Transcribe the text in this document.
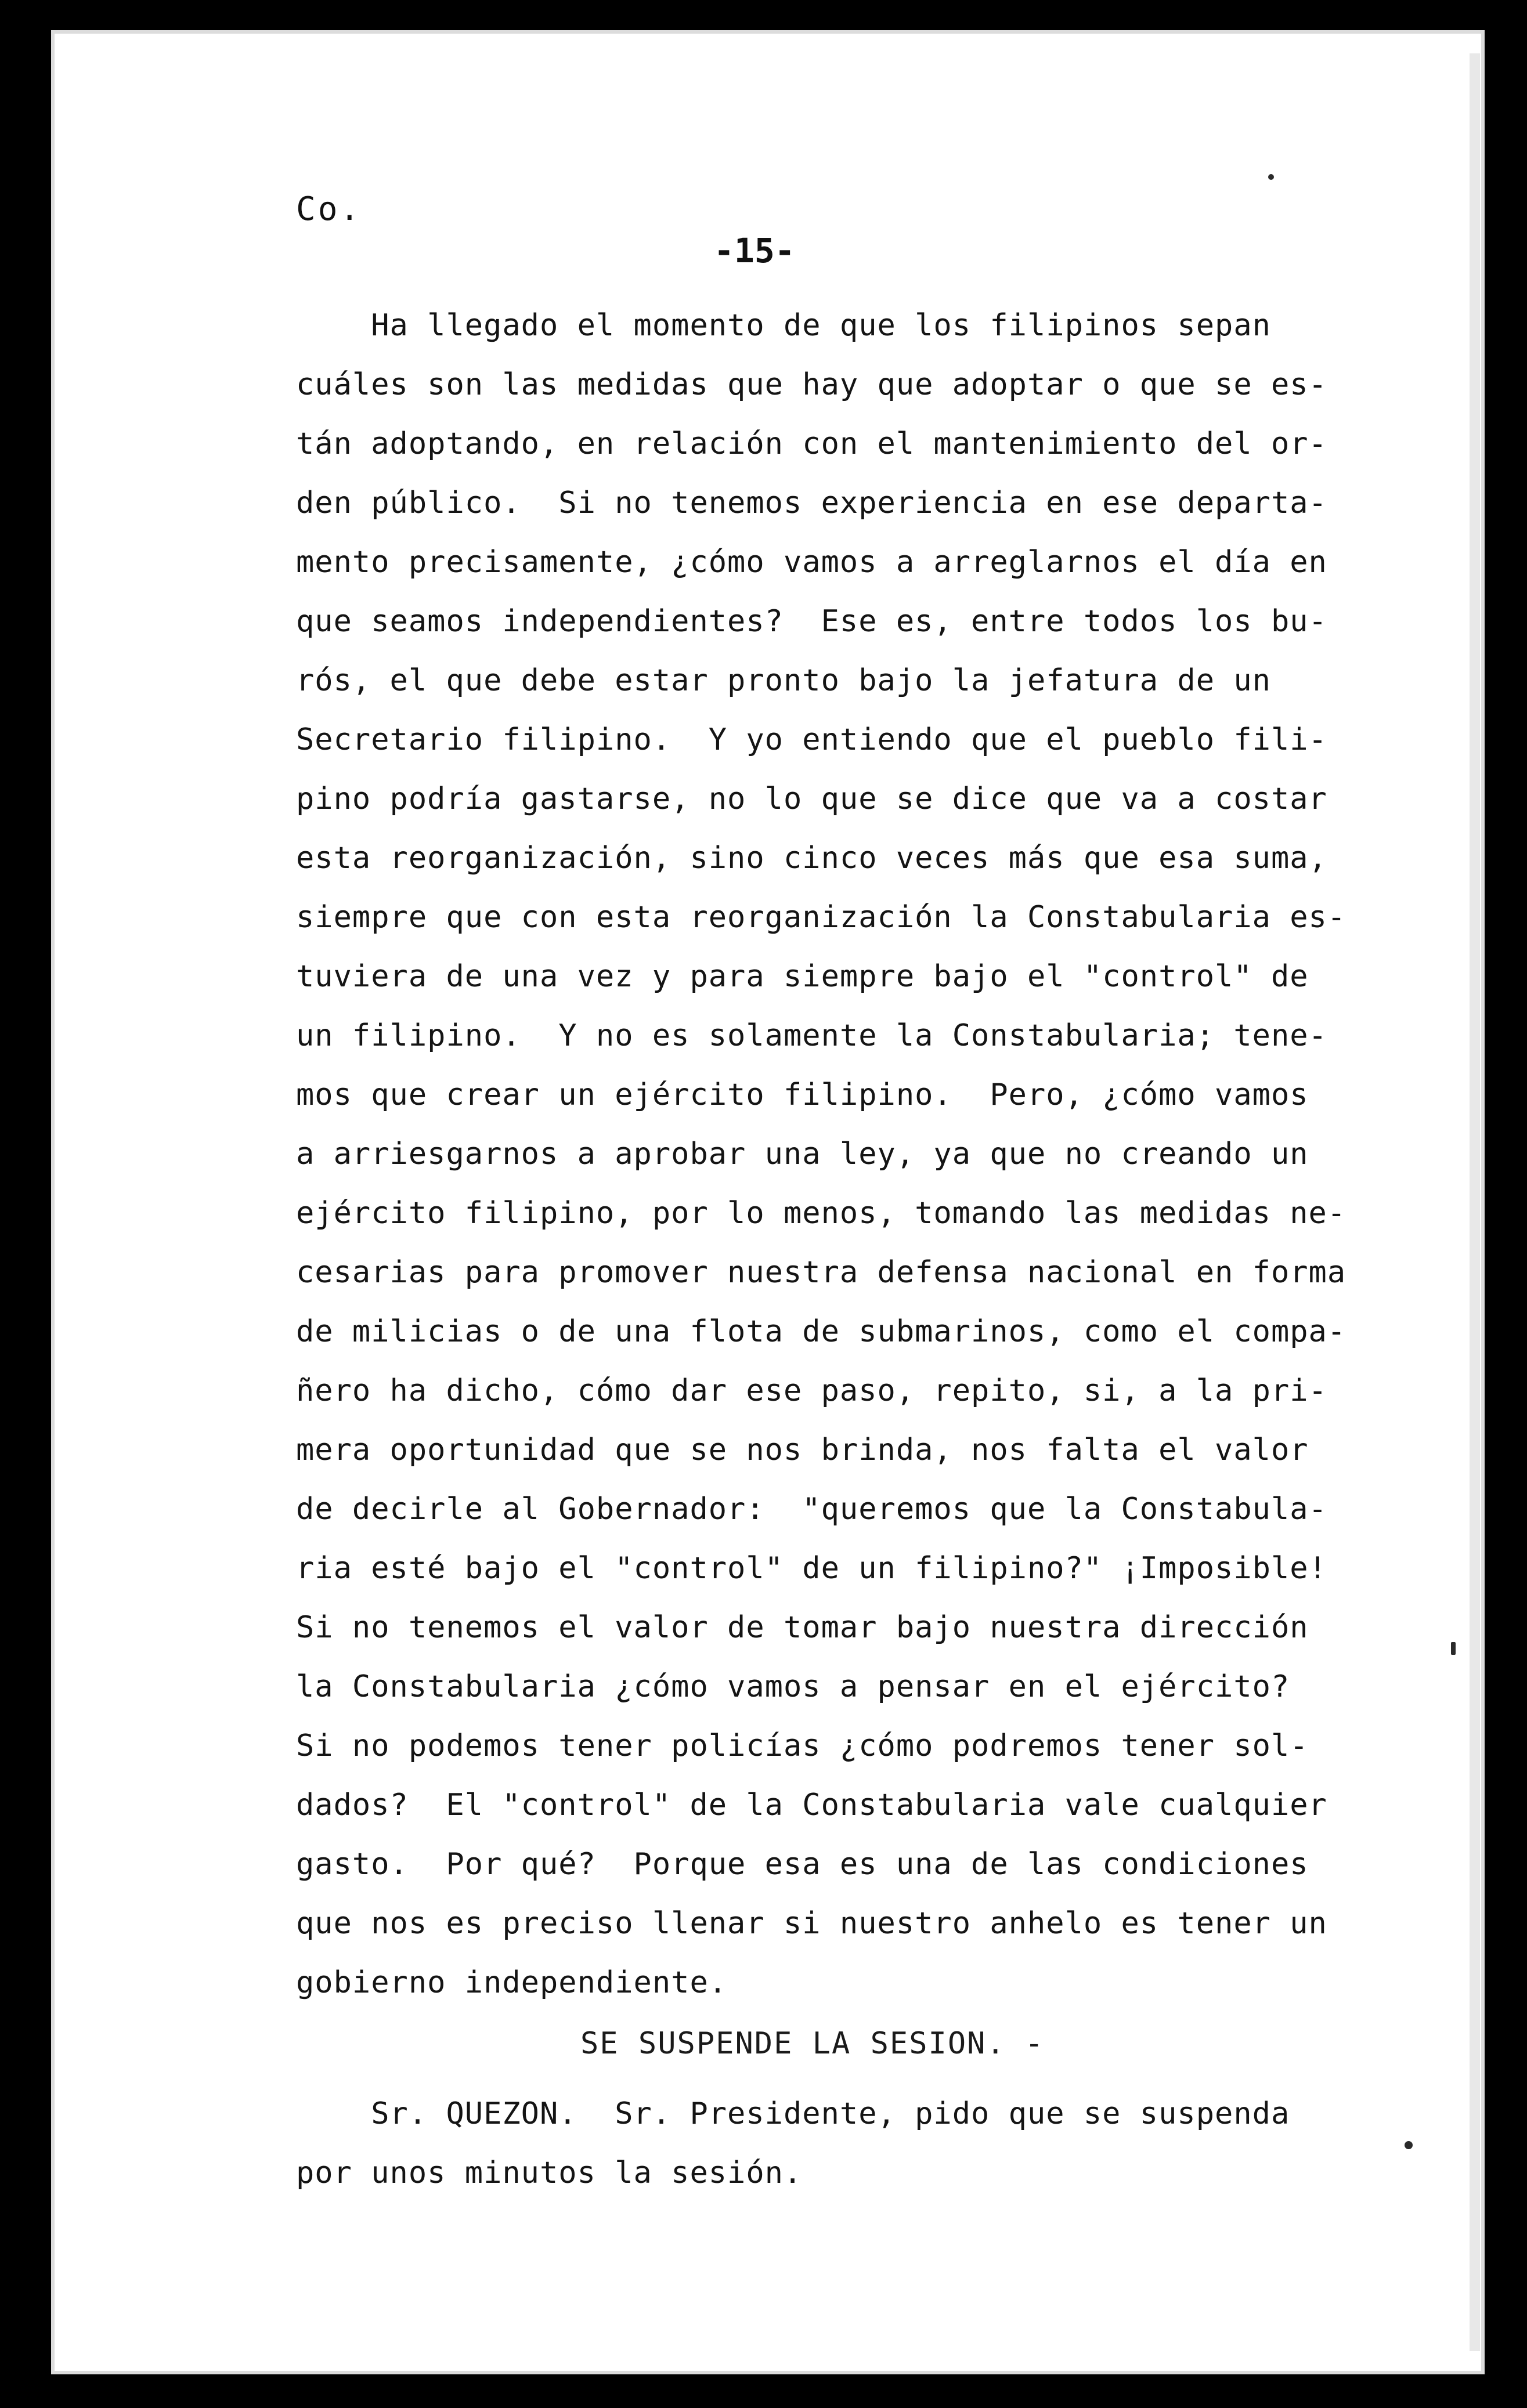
Co.
-15-
Ha llegado el momento de que los filipinos sepan
cuáles son las medidas que hay que adoptar o que se es-
tán adoptando, en relación con el mantenimiento del or-
den público.  Si no tenemos experiencia en ese departa-
mento precisamente, ¿cómo vamos a arreglarnos el día en
que seamos independientes?  Ese es, entre todos los bu-
rós, el que debe estar pronto bajo la jefatura de un
Secretario filipino.  Y yo entiendo que el pueblo fili-
pino podría gastarse, no lo que se dice que va a costar
esta reorganización, sino cinco veces más que esa suma,
siempre que con esta reorganización la Constabularia es-
tuviera de una vez y para siempre bajo el "control" de
un filipino.  Y no es solamente la Constabularia; tene-
mos que crear un ejército filipino.  Pero, ¿cómo vamos
a arriesgarnos a aprobar una ley, ya que no creando un
ejército filipino, por lo menos, tomando las medidas ne-
cesarias para promover nuestra defensa nacional en forma
de milicias o de una flota de submarinos, como el compa-
ñero ha dicho, cómo dar ese paso, repito, si, a la pri-
mera oportunidad que se nos brinda, nos falta el valor
de decirle al Gobernador:  "queremos que la Constabula-
ria esté bajo el "control" de un filipino?" ¡Imposible!
Si no tenemos el valor de tomar bajo nuestra dirección
la Constabularia ¿cómo vamos a pensar en el ejército?
Si no podemos tener policías ¿cómo podremos tener sol-
dados?  El "control" de la Constabularia vale cualquier
gasto.  Por qué?  Porque esa es una de las condiciones
que nos es preciso llenar si nuestro anhelo es tener un
gobierno independiente.
SE SUSPENDE LA SESION. -
Sr. QUEZON.  Sr. Presidente, pido que se suspenda
por unos minutos la sesión.
